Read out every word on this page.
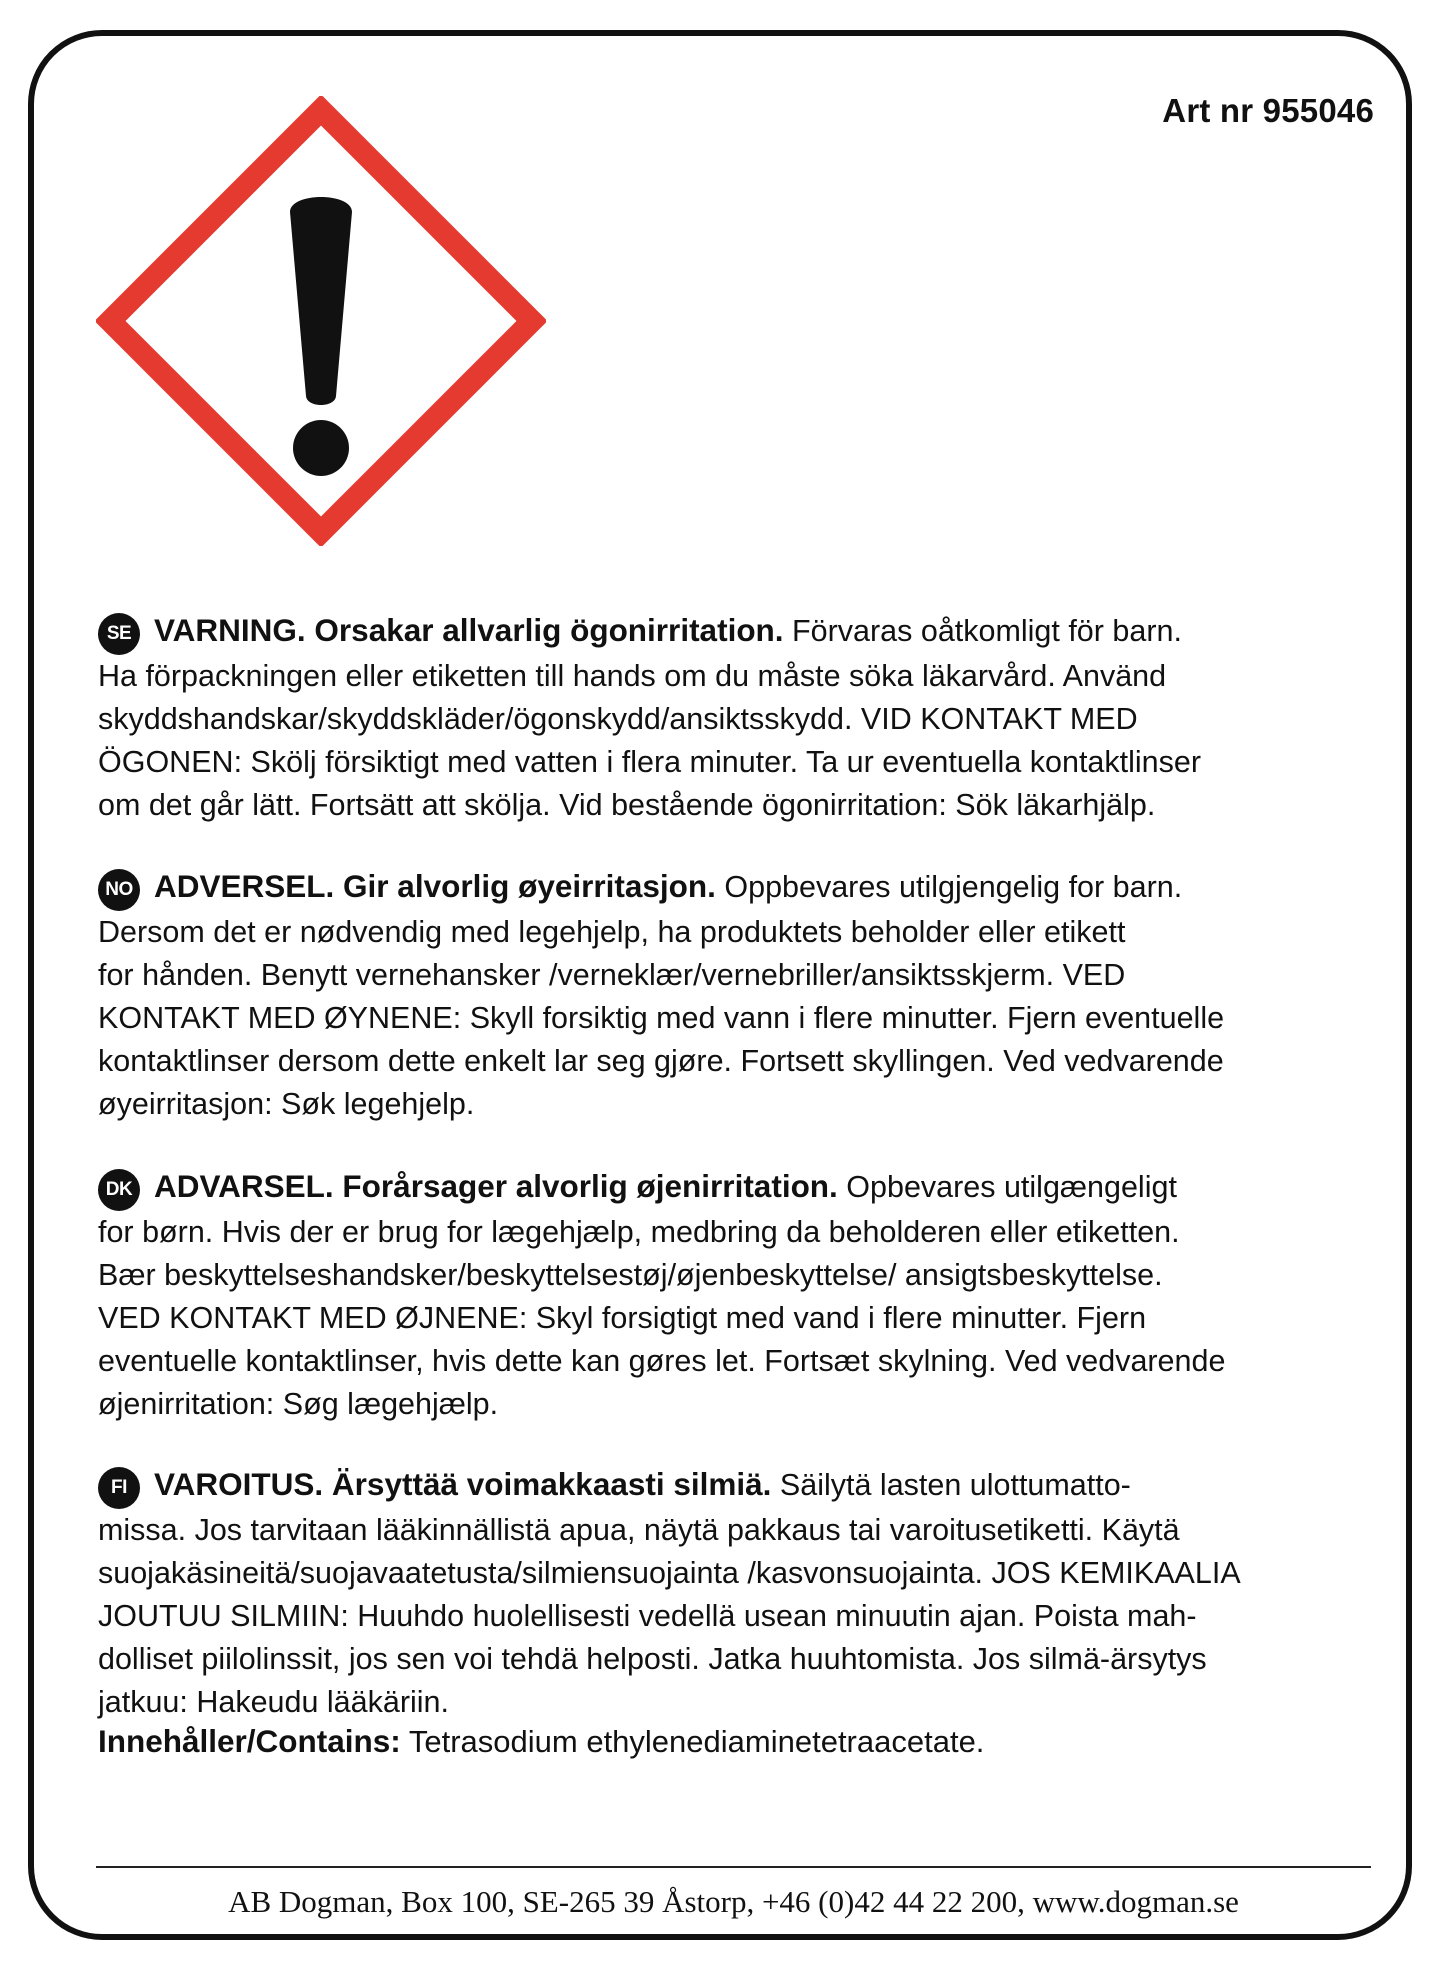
Art nr 955046

SE VARNING. Orsakar allvarlig ögonirritation. Förvaras oåtkomligt för barn.
Ha förpackningen eller etiketten till hands om du måste söka läkarvård. Använd
skyddshandskar/skyddskläder/ögonskydd/ansiktsskydd. VID KONTAKT MED
ÖGONEN: Skölj försiktigt med vatten i flera minuter. Ta ur eventuella kontaktlinser
om det går lätt. Fortsätt att skölja. Vid bestående ögonirritation: Sök läkarhjälp.

NO ADVERSEL. Gir alvorlig øyeirritasjon. Oppbevares utilgjengelig for barn.
Dersom det er nødvendig med legehjelp, ha produktets beholder eller etikett
for hånden. Benytt vernehansker /verneklær/vernebriller/ansiktsskjerm. VED
KONTAKT MED ØYNENE: Skyll forsiktig med vann i flere minutter. Fjern eventuelle
kontaktlinser dersom dette enkelt lar seg gjøre. Fortsett skyllingen. Ved vedvarende
øyeirritasjon: Søk legehjelp.

DK ADVARSEL. Forårsager alvorlig øjenirritation. Opbevares utilgængeligt
for børn. Hvis der er brug for lægehjælp, medbring da beholderen eller etiketten.
Bær beskyttelseshandsker/beskyttelsestøj/øjenbeskyttelse/ ansigtsbeskyttelse.
VED KONTAKT MED ØJNENE: Skyl forsigtigt med vand i flere minutter. Fjern
eventuelle kontaktlinser, hvis dette kan gøres let. Fortsæt skylning. Ved vedvarende
øjenirritation: Søg lægehjælp.

FI VAROITUS. Ärsyttää voimakkaasti silmiä. Säilytä lasten ulottumatto-
missa. Jos tarvitaan lääkinnällistä apua, näytä pakkaus tai varoitusetiketti. Käytä
suojakäsineitä/suojavaatetusta/silmiensuojainta /kasvonsuojainta. JOS KEMIKAALIA
JOUTUU SILMIIN: Huuhdo huolellisesti vedellä usean minuutin ajan. Poista mah-
dolliset piilolinssit, jos sen voi tehdä helposti. Jatka huuhtomista. Jos silmä-ärsytys
jatkuu: Hakeudu lääkäriin.

Innehåller/Contains: Tetrasodium ethylenediaminetetraacetate.
AB Dogman, Box 100, SE-265 39 Åstorp, +46 (0)42 44 22 200, www.dogman.se
